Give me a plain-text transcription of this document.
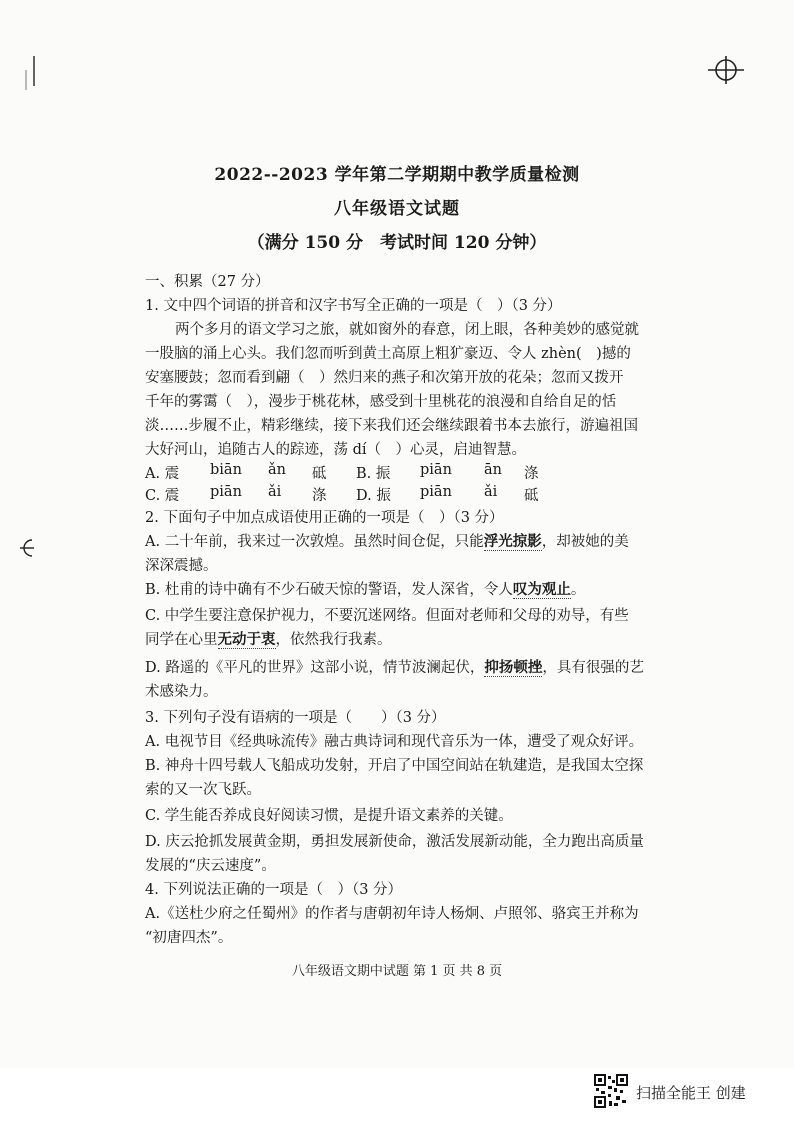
2022--2023 学年第二学期期中教学质量检测
八年级语文试题
（满分 150 分　考试时间 120 分钟）
一、积累（27 分）
1. 文中四个词语的拼音和汉字书写全正确的一项是（　）（3 分）
两个多月的语文学习之旅，就如窗外的春意，闭上眼，各种美妙的感觉就
一股脑的涌上心头。我们忽而听到黄土高原上粗犷豪迈、令人 zhèn(　)撼的
安塞腰鼓；忽而看到翩（　）然归来的燕子和次第开放的花朵；忽而又拨开
千年的雾霭（　），漫步于桃花林，感受到十里桃花的浪漫和自给自足的恬
淡……步履不止，精彩继续，接下来我们还会继续跟着书本去旅行，游遍祖国
大好河山，追随古人的踪迹，荡 dí（　）心灵，启迪智慧。
A. 震 biān ǎn 砥 B. 振 piān ān 涤
C. 震 piān ǎi 涤 D. 振 piān ǎi 砥
2. 下面句子中加点成语使用正确的一项是（　）（3 分）
A. 二十年前，我来过一次敦煌。虽然时间仓促，只能浮光掠影，却被她的美
深深震撼。
B. 杜甫的诗中确有不少石破天惊的警语，发人深省，令人叹为观止。
C. 中学生要注意保护视力，不要沉迷网络。但面对老师和父母的劝导，有些
同学在心里无动于衷，依然我行我素。
D. 路遥的《平凡的世界》这部小说，情节波澜起伏，抑扬顿挫，具有很强的艺
术感染力。
3. 下列句子没有语病的一项是（　　）（3 分）
A. 电视节目《经典咏流传》融古典诗词和现代音乐为一体，遭受了观众好评。
B. 神舟十四号载人飞船成功发射，开启了中国空间站在轨建造，是我国太空探
索的又一次飞跃。
C. 学生能否养成良好阅读习惯，是提升语文素养的关键。
D. 庆云抢抓发展黄金期，勇担发展新使命，激活发展新动能，全力跑出高质量
发展的“庆云速度”。
4. 下列说法正确的一项是（　）（3 分）
A.《送杜少府之任蜀州》的作者与唐朝初年诗人杨炯、卢照邻、骆宾王并称为
“初唐四杰”。
八年级语文期中试题 第 1 页 共 8 页
扫描全能王 创建
